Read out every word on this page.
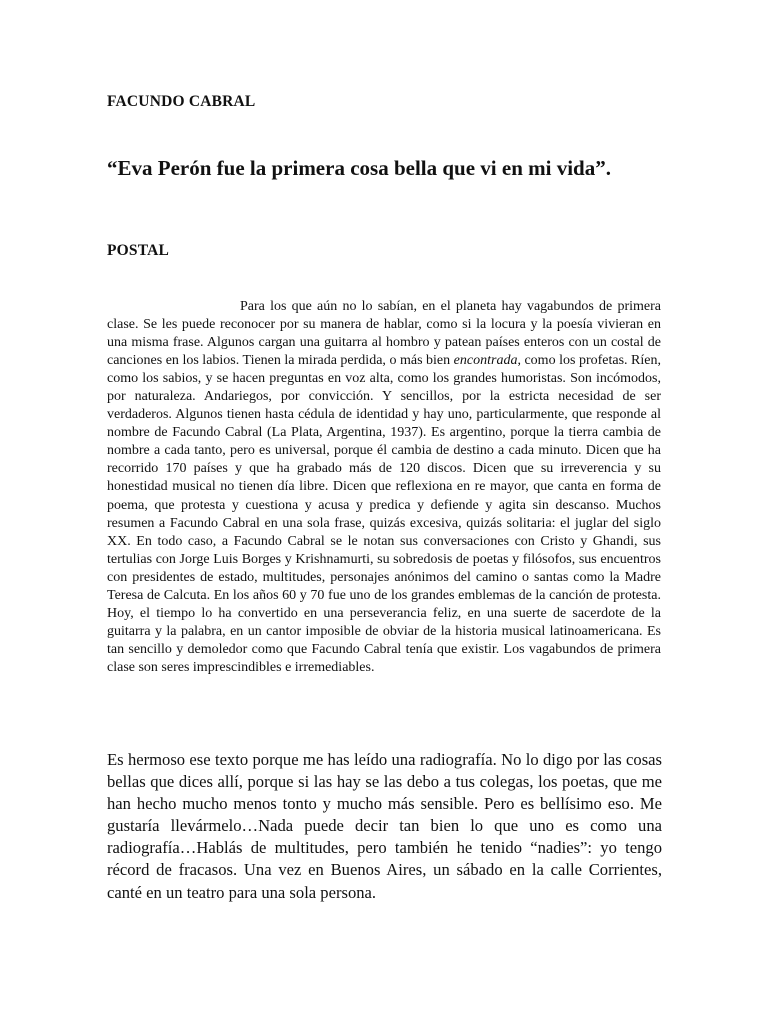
FACUNDO CABRAL
“Eva Perón fue la primera cosa bella que vi en mi vida”.
POSTAL

Para los que aún no lo sabían, en el planeta hay vagabundos de primera clase. Se les puede reconocer por su manera de hablar, como si la locura y la poesía vivieran en una misma frase. Algunos cargan una guitarra al hombro y patean países enteros con un costal de canciones en los labios. Tienen la mirada perdida, o más bien encontrada, como los profetas. Ríen, como los sabios, y se hacen preguntas en voz alta, como los grandes humoristas. Son incómodos, por naturaleza. Andariegos, por convicción. Y sencillos, por la estricta necesidad de ser verdaderos. Algunos tienen hasta cédula de identidad y hay uno, particularmente, que responde al nombre de Facundo Cabral (La Plata, Argentina, 1937). Es argentino, porque la tierra cambia de nombre a cada tanto, pero es universal, porque él cambia de destino a cada minuto. Dicen que ha recorrido 170 países y que ha grabado más de 120 discos. Dicen que su irreverencia y su honestidad musical no tienen día libre. Dicen que reflexiona en re mayor, que canta en forma de poema, que protesta y cuestiona y acusa y predica y defiende y agita sin descanso. Muchos resumen a Facundo Cabral en una sola frase, quizás excesiva, quizás solitaria: el juglar del siglo XX. En todo caso, a Facundo Cabral se le notan sus conversaciones con Cristo y Ghandi, sus tertulias con Jorge Luis Borges y Krishnamurti, su sobredosis de poetas y filósofos, sus encuentros con presidentes de estado, multitudes, personajes anónimos del camino o santas como la Madre Teresa de Calcuta. En los años 60 y 70 fue uno de los grandes emblemas de la canción de protesta. Hoy, el tiempo lo ha convertido en una perseverancia feliz, en una suerte de sacerdote de la guitarra y la palabra, en un cantor imposible de obviar de la historia musical latinoamericana. Es tan sencillo y demoledor como que Facundo Cabral tenía que existir. Los vagabundos de primera clase son seres imprescindibles e irremediables.

Es hermoso ese texto porque me has leído una radiografía. No lo digo por las cosas bellas que dices allí, porque si las hay se las debo a tus colegas, los poetas, que me han hecho mucho menos tonto y mucho más sensible. Pero es bellísimo eso. Me gustaría llevármelo…Nada puede decir tan bien lo que uno es como una radiografía…Hablás de multitudes, pero también he tenido “nadies”: yo tengo récord de fracasos. Una vez en Buenos Aires, un sábado en la calle Corrientes, canté en un teatro para una sola persona.
